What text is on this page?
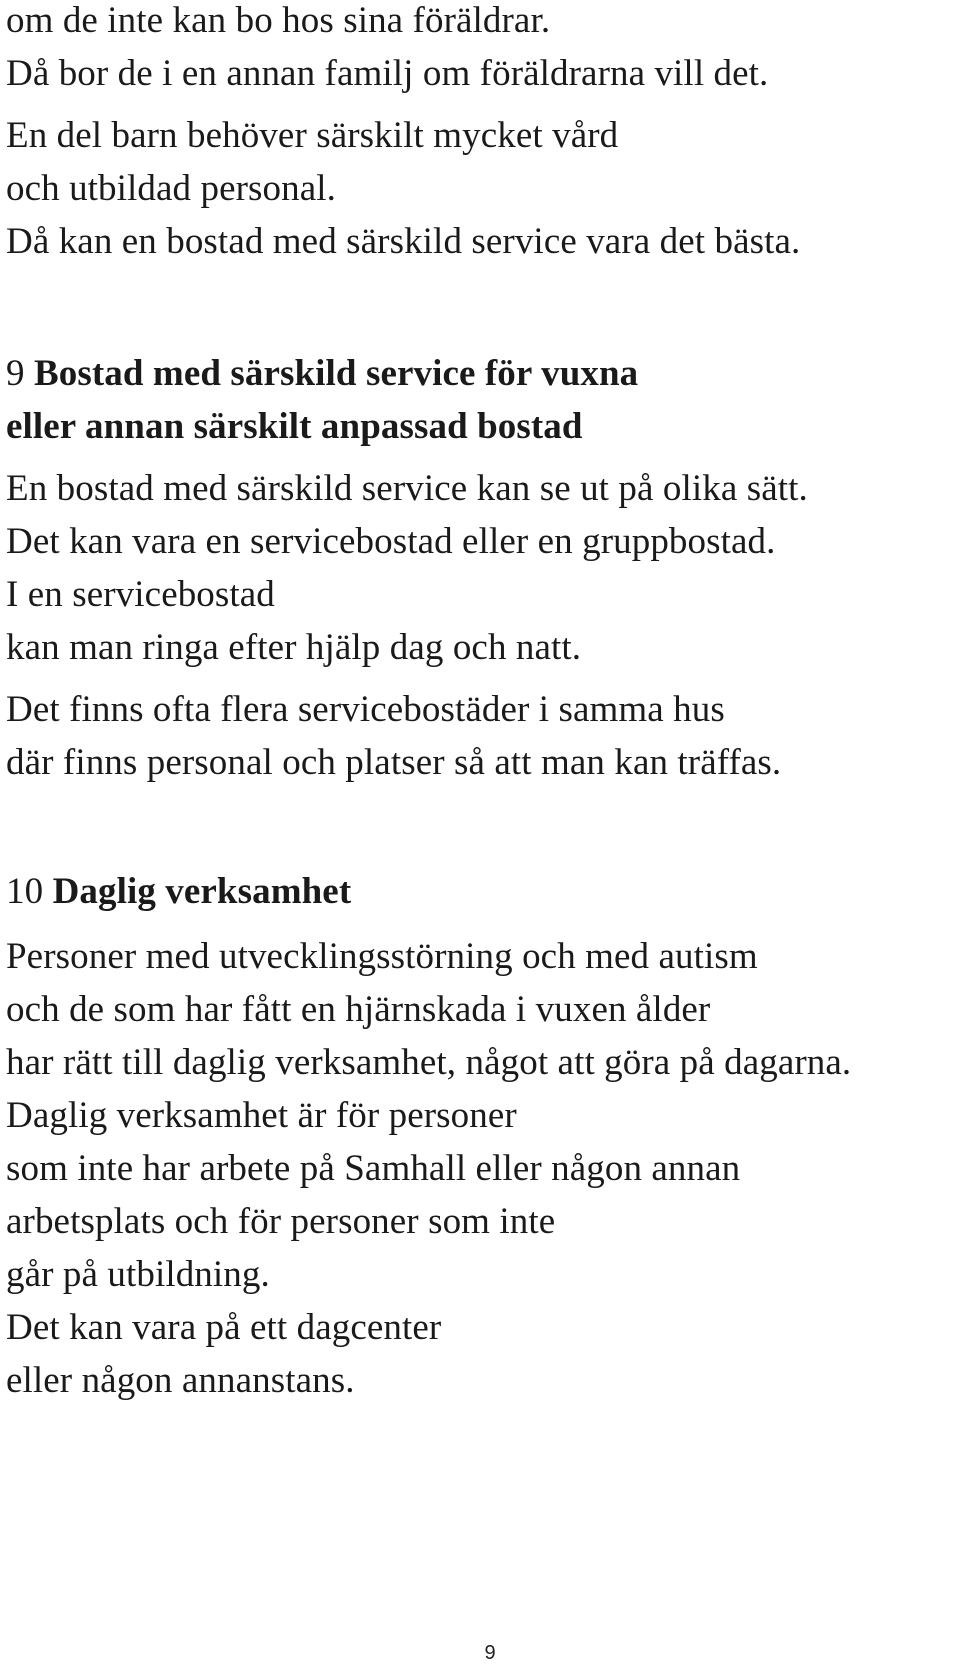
om de inte kan bo hos sina föräldrar.
Då bor de i en annan familj om föräldrarna vill det.
En del barn behöver särskilt mycket vård
och utbildad personal.
Då kan en bostad med särskild service vara det bästa.
9 Bostad med särskild service för vuxna
eller annan särskilt anpassad bostad
En bostad med särskild service kan se ut på olika sätt.
Det kan vara en servicebostad eller en gruppbostad.
I en servicebostad
kan man ringa efter hjälp dag och natt.
Det finns ofta flera servicebostäder i samma hus
där finns personal och platser så att man kan träffas.
10 Daglig verksamhet
Personer med utvecklingsstörning och med autism
och de som har fått en hjärnskada i vuxen ålder
har rätt till daglig verksamhet, något att göra på dagarna.
Daglig verksamhet är för personer
som inte har arbete på Samhall eller någon annan
arbetsplats och för personer som inte
går på utbildning.
Det kan vara på ett dagcenter
eller någon annanstans.
9
